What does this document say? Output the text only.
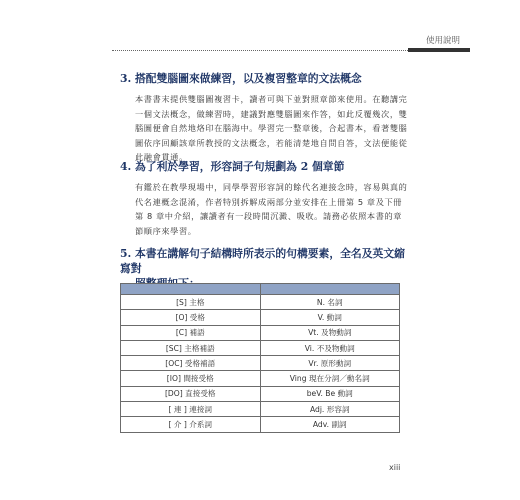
使用說明
3. 搭配雙腦圖來做練習，以及複習整章的文法概念

本書書末提供雙腦圖複習卡，讀者可與下並對照章節來使用。在聽講完一個文法概念，做練習時，建議對應雙腦圖來作答，如此反覆幾次，雙腦圖便會自然地烙印在腦海中。學習完一整章後，合起書本，看著雙腦圖依序回顧該章所教授的文法概念，若能清楚地自問自答，文法便能從此融會貫通。

4. 為了利於學習，形容詞子句規劃為 2 個章節

有鑑於在教學現場中，同學學習形容詞的餘代名連接念時，容易與真的代名連概念混淆，作者特別拆解成兩部分並安排在上冊第 5 章及下冊第 8 章中介紹，讓讀者有一段時間沉澱、吸收。請務必依照本書的章節順序來學習。

5. 本書在講解句子結構時所表示的句構要素，全名及英文縮寫對

[S] 主格	N. 名詞
[O] 受格	V. 動詞
[C] 補語	Vt. 及物動詞
[SC] 主格補語	Vi. 不及物動詞
[OC] 受格補語	Vr. 原形動詞
[IO] 間接受格	Ving 現在分詞／動名詞
[DO] 直接受格	beV. Be 動詞
[ 連 ] 連接詞	Adj. 形容詞
[ 介 ] 介系詞	Adv. 副詞
xiii
